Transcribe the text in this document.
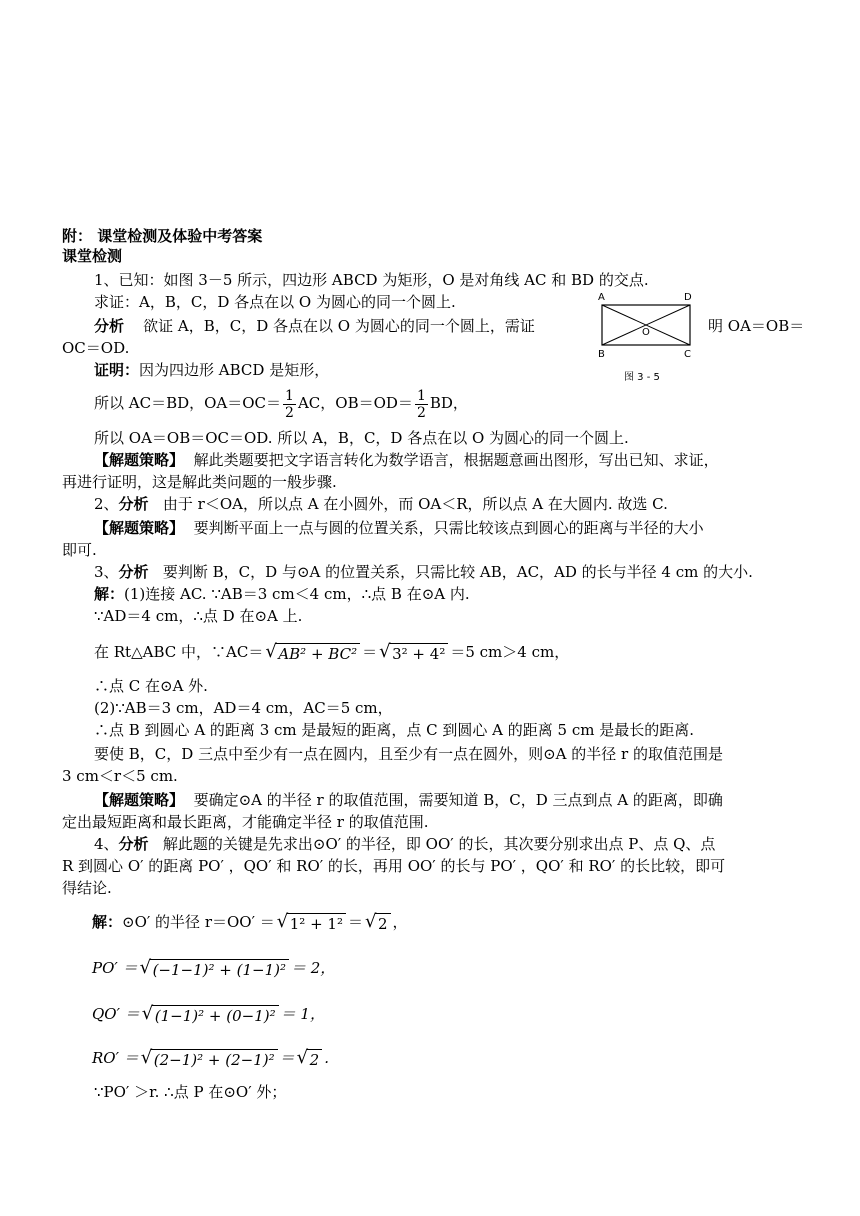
附： 课堂检测及体验中考答案
课堂检测
1、已知：如图 3－5 所示，四边形 ABCD 为矩形，O 是对角线 AC 和 BD 的交点.
求证：A，B，C，D 各点在以 O 为圆心的同一个圆上.
分析 欲证 A，B，C，D 各点在以 O 为圆心的同一个圆上，需证	明 OA＝OB＝
OC＝OD.
A	D
O
B	C
图 3 - 5
证明：因为四边形 ABCD 是矩形，
所以 AC＝BD，$OA=OC= \frac{1}{2}$ AC，$OB=OD= \frac{1}{2}$ BD，
所以 OA＝OB＝OC＝OD. 所以 A，B，C，D 各点在以 O 为圆心的同一个圆上.
【解题策略】 解此类题要把文字语言转化为数学语言，根据题意画出图形，写出已知、求证，
再进行证明，这是解此类问题的一般步骤.
2、分析 由于 r＜OA，所以点 A 在小圆外，而 OA＜R，所以点 A 在大圆内. 故选 C.
【解题策略】 要判断平面上一点与圆的位置关系，只需比较该点到圆心的距离与半径的大小
即可.
3、分析 要判断 B，C，D 与⊙A 的位置关系，只需比较 AB，AC，AD 的长与半径 4 cm 的大小.
解：(1)连接 AC. ∵AB＝3 cm＜4 cm，∴点 B 在⊙A 内.
∵AD＝4 cm，∴点 D 在⊙A 上.
在 Rt△ABC 中，∵AC＝ √ AB² + BC² ＝ √ 3² + 4² ＝5 cm＞4 cm，
∴点 C 在⊙A 外.
(2)∵AB＝3 cm，AD＝4 cm，AC＝5 cm，
∴点 B 到圆心 A 的距离 3 cm 是最短的距离，点 C 到圆心 A 的距离 5 cm 是最长的距离.
要使 B，C，D 三点中至少有一点在圆内，且至少有一点在圆外，则⊙A 的半径 r 的取值范围是
3 cm＜r＜5 cm.
【解题策略】 要确定⊙A 的半径 r 的取值范围，需要知道 B，C，D 三点到点 A 的距离，即确
定出最短距离和最长距离，才能确定半径 r 的取值范围.
4、分析 解此题的关键是先求出⊙O′ 的半径，即 OO′ 的长，其次要分别求出点 P、点 Q、点
R 到圆心 O′ 的距离 PO′ ，QO′ 和 RO′ 的长，再用 OO′ 的长与 PO′ ，QO′ 和 RO′ 的长比较，即可
得结论.
解：⊙O′ 的半径 r＝OO′ ＝ √ 1² + 1² ＝ √ 2 ，
PO′ ＝ √ (−1−1)² + (1−1)² ＝ 2，
QO′ ＝ √ (1−1)² + (0−1)² ＝ 1，
RO′ ＝ √ (2−1)² + (2−1)² ＝ √ 2 .
∵PO′ ＞r. ∴点 P 在⊙O′ 外；
